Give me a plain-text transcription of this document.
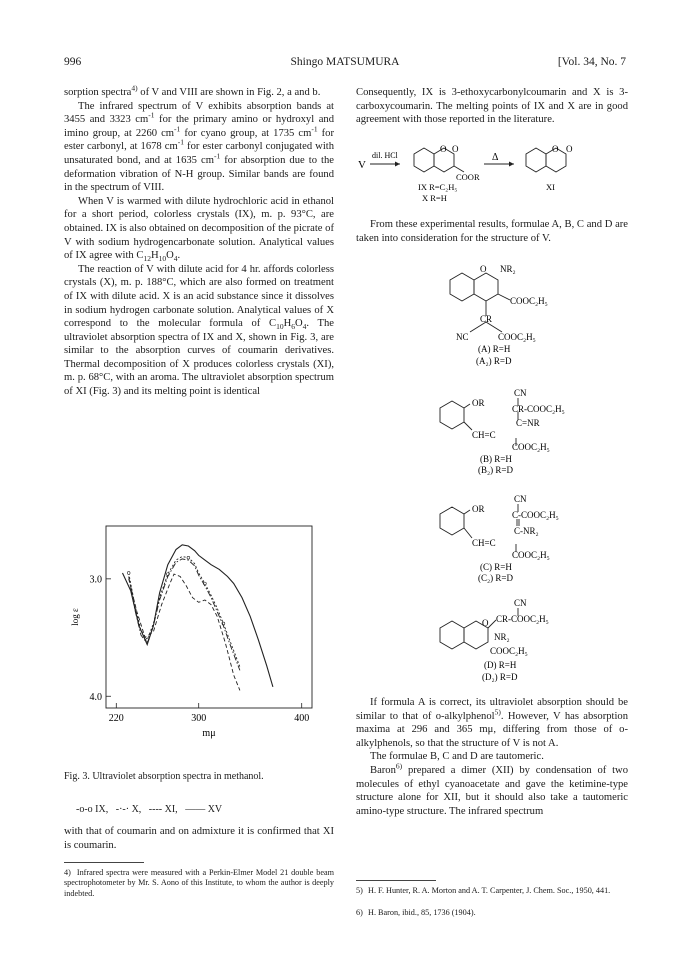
996	Shingo MATSUMURA	[Vol. 34, No. 7

sorption spectra$^{4)}$ of V and VIII are shown in Fig. 2, a and b.

The infrared spectrum of V exhibits absorption bands at 3455 and 3323 $cm^{-1}$ for the primary amino or hydroxyl and imino group, at 2260 $cm^{-1}$ for cyano group, at 1735 $cm^{-1}$ for ester carbonyl, at 1678 $cm^{-1}$ for ester carbonyl conjugated with unsaturated bond, and at 1635 $cm^{-1}$ for absorption due to the deformation vibration of N-H group. Similar bands are found in the spectrum of VIII.

When V is warmed with dilute hydrochloric acid in ethanol for a short period, colorless crystals (IX), m. p. 93°C, are obtained. IX is also obtained on decomposition of the picrate of V with sodium hydrogencarbonate solution. Analytical values of IX agree with $C_{12}H_{10}O_4$.

The reaction of V with dilute acid for 4 hr. affords colorless crystals (X), m. p. 188°C, which are also formed on treatment of IX with dilute acid. X is an acid substance since it dissolves in sodium hydrogen carbonate solution. Analytical values of X correspond to the molecular formula of $C_{10}H_6O_4$. The ultraviolet absorption spectra of IX and X, shown in Fig. 3, are similar to the absorption curves of coumarin derivatives. Thermal decomposition of X produces colorless crystals (XI), m. p. 68°C, with an aroma. The ultraviolet absorption spectrum of XI (Fig. 3) and its melting point is identical

220	300	400
4.0
3.0
log ε
mμ
Fig. 3. Ultraviolet absorption spectra in methanol.
-o-o IX, -·-· X, ---- XI, —— XV
with that of coumarin and on admixture it is confirmed that XI is coumarin.
4) Infrared spectra were measured with a Perkin-Elmer Model 21 double beam spectrophotometer by Mr. S. Aono of this Institute, to whom the author is deeply indebted.

Consequently, IX is 3-ethoxycarbonylcoumarin and X is 3-carboxycoumarin. The melting points of IX and X are in good agreement with those reported in the literature.

V
dil. HCl
O O
COOR
Δ
O O
IX R=C₂H₅
X R=H
XI

From these experimental results, formulae A, B, C and D are taken into consideration for the structure of V.

O NR₂
COOC₂H₅
CR
NC	COOC₂H₅
(A) R=H
(A₂) R=D
CN
OR
CR-COOC₂H₅
C=NR
CH=C
COOC₂H₅
(B) R=H
(B₂) R=D
CN
OR
C-COOC₂H₅
C-NR₂
CH=C
COOC₂H₅
(C) R=H
(C₂) R=D
CN
O CR-COOC₂H₅
NR₂
COOC₂H₅
(D) R=H
(D₂) R=D

If formula A is correct, its ultraviolet absorption should be similar to that of o-alkylphenol$^{5)}$. However, V has absorption maxima at 296 and 365 mμ, differing from those of o-alkylphenols, so that the structure of V is not A.

The formulae B, C and D are tautomeric.

Baron$^{6)}$ prepared a dimer (XII) by condensation of two molecules of ethyl cyanoacetate and gave the ketimine-type structure alone for XII, but it should also take a tautomeric amino-type structure. The infrared spectrum

5) H. F. Hunter, R. A. Morton and A. T. Carpenter, J. Chem. Soc., 1950, 441.
6) H. Baron, ibid., 85, 1736 (1904).
